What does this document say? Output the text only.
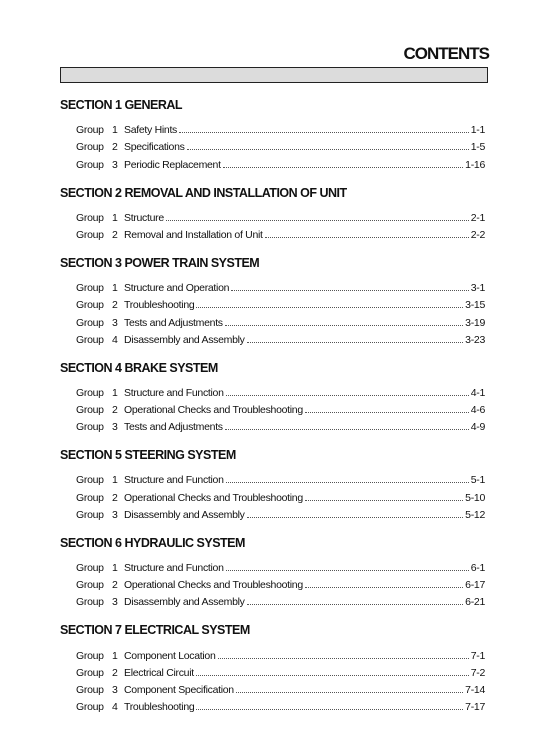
CONTENTS
SECTION 1 GENERAL
Group 1 Safety Hints	1-1
Group 2 Specifications	1-5
Group 3 Periodic Replacement	1-16
SECTION 2 REMOVAL AND INSTALLATION OF UNIT
Group 1 Structure	2-1
Group 2 Removal and Installation of Unit	2-2
SECTION 3 POWER TRAIN SYSTEM
Group 1 Structure and Operation	3-1
Group 2 Troubleshooting	3-15
Group 3 Tests and Adjustments	3-19
Group 4 Disassembly and Assembly	3-23
SECTION 4 BRAKE SYSTEM
Group 1 Structure and Function	4-1
Group 2 Operational Checks and Troubleshooting	4-6
Group 3 Tests and Adjustments	4-9
SECTION 5 STEERING SYSTEM
Group 1 Structure and Function	5-1
Group 2 Operational Checks and Troubleshooting	5-10
Group 3 Disassembly and Assembly	5-12
SECTION 6 HYDRAULIC SYSTEM
Group 1 Structure and Function	6-1
Group 2 Operational Checks and Troubleshooting	6-17
Group 3 Disassembly and Assembly	6-21
SECTION 7 ELECTRICAL SYSTEM
Group 1 Component Location	7-1
Group 2 Electrical Circuit	7-2
Group 3 Component Specification	7-14
Group 4 Troubleshooting	7-17
